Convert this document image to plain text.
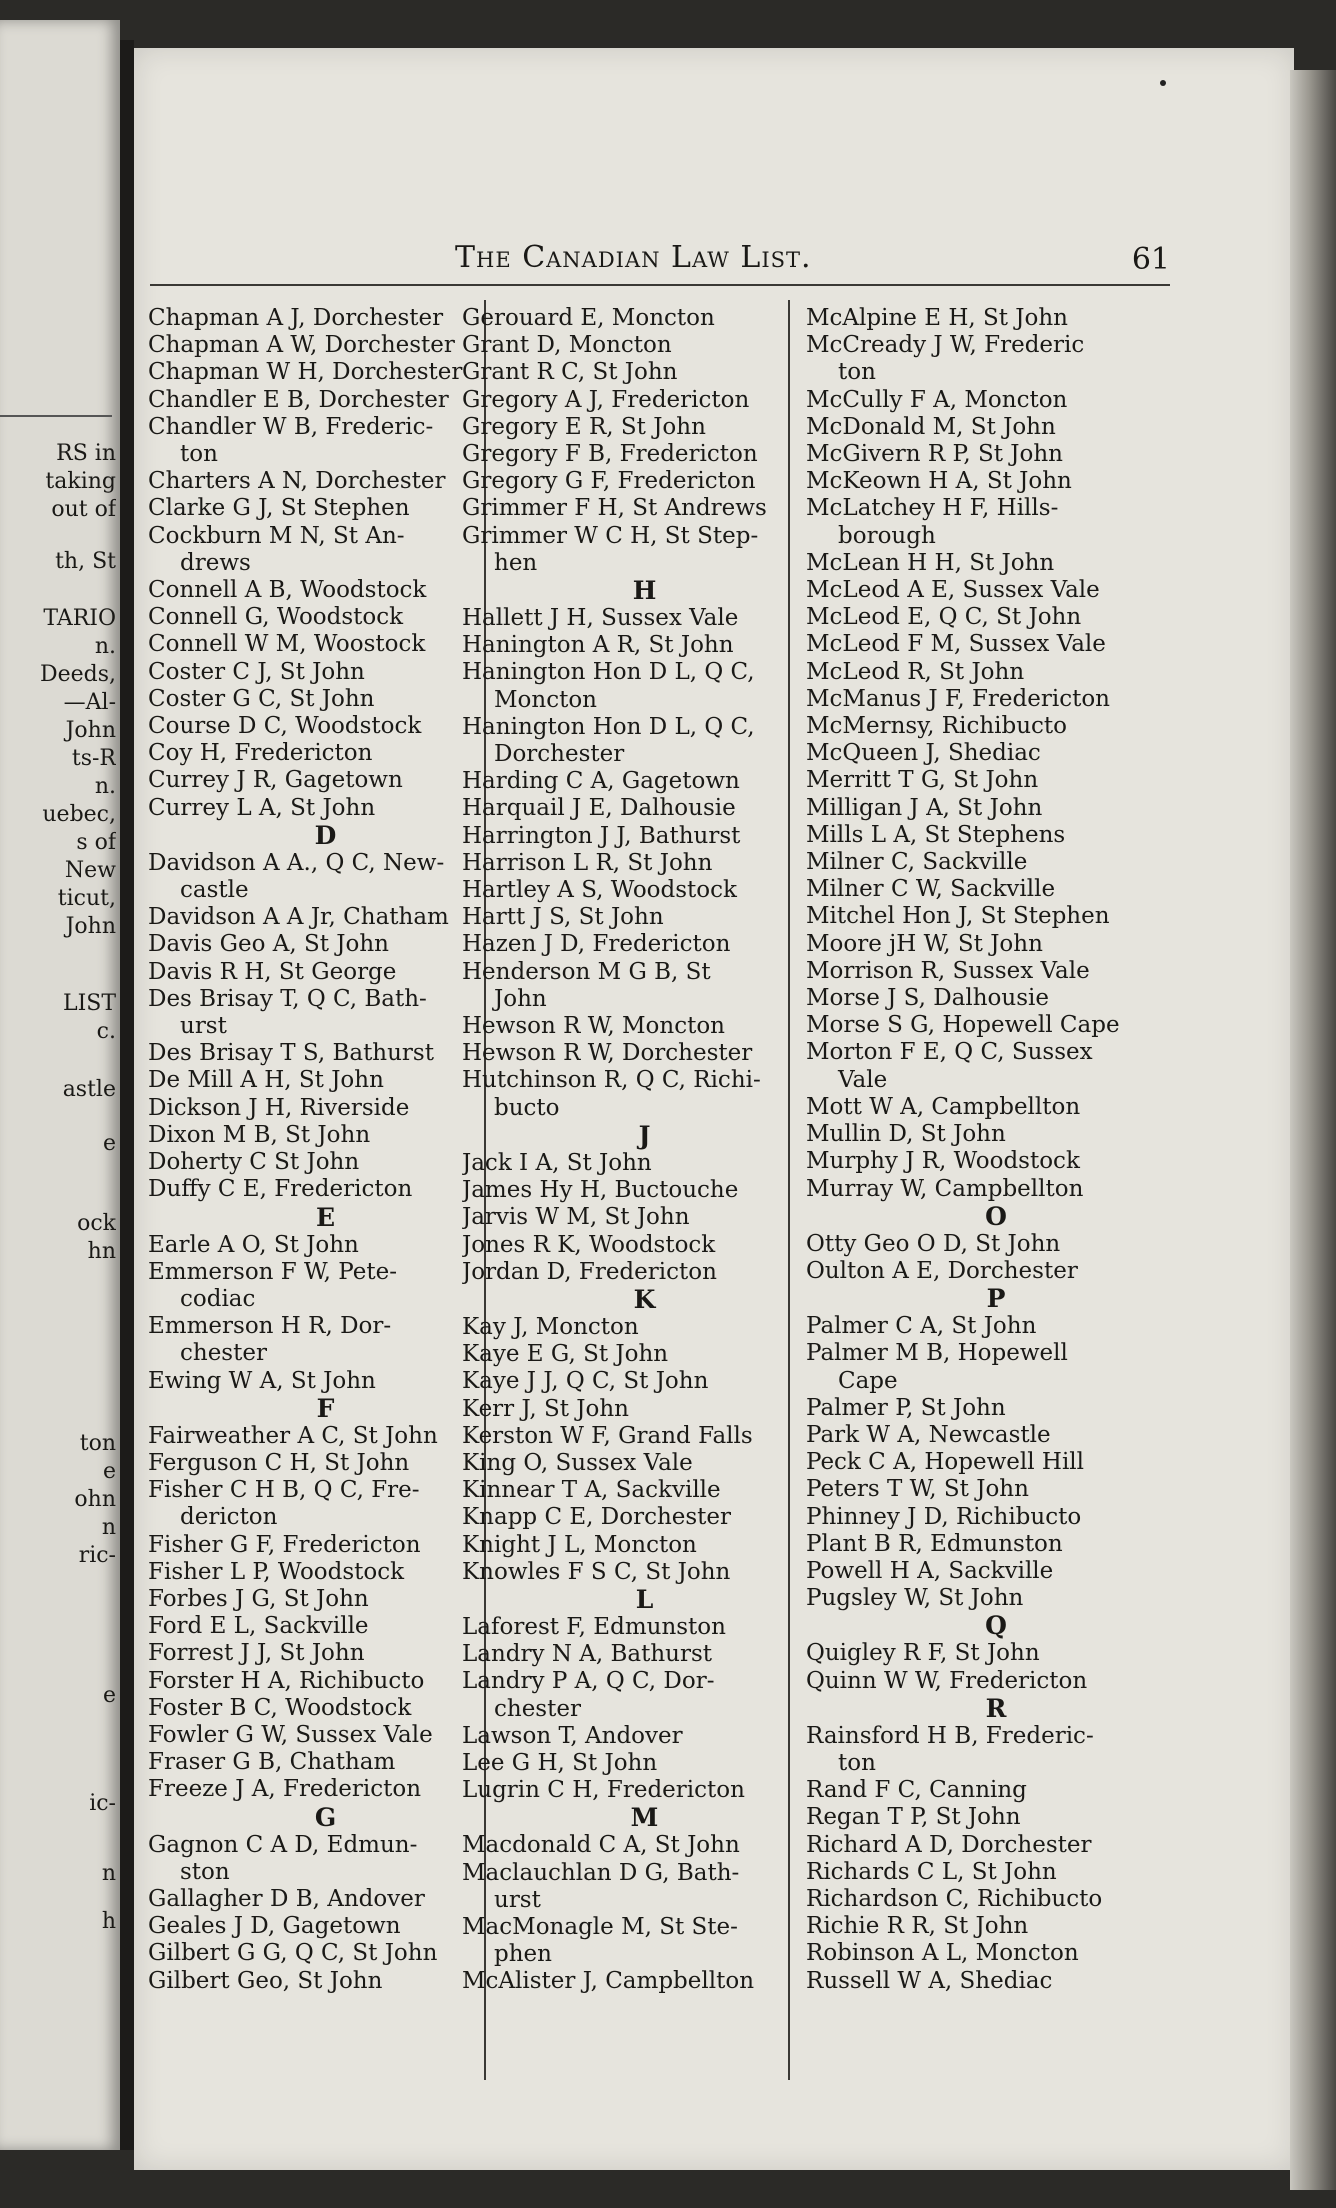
The Canadian Law List.	61

Chapman A J, Dorchester

Chapman A W, Dorchester

Chapman W H, Dorchester

Chandler E B, Dorchester

Chandler W B, Frederic-
ton

Charters A N, Dorchester

Clarke G J, St Stephen

Cockburn M N, St An-
drews

Connell A B, Woodstock

Connell G, Woodstock

Connell W M, Woostock

Coster C J, St John

Coster G C, St John

Course D C, Woodstock

Coy H, Fredericton

Currey J R, Gagetown

Currey L A, St John

D

Davidson A A., Q C, New-
castle

Davidson A A Jr, Chatham

Davis Geo A, St John

Davis R H, St George

Des Brisay T, Q C, Bath-
urst

Des Brisay T S, Bathurst

De Mill A H, St John

Dickson J H, Riverside

Dixon M B, St John

Doherty C St John

Duffy C E, Fredericton

E

Earle A O, St John

Emmerson F W, Pete-
codiac

Emmerson H R, Dor-
chester

Ewing W A, St John

F

Fairweather A C, St John

Ferguson C H, St John

Fisher C H B, Q C, Fre-
dericton

Fisher G F, Fredericton

Fisher L P, Woodstock

Forbes J G, St John

Ford E L, Sackville

Forrest J J, St John

Forster H A, Richibucto

Foster B C, Woodstock

Fowler G W, Sussex Vale

Fraser G B, Chatham

Freeze J A, Fredericton

G

Gagnon C A D, Edmun-
ston

Gallagher D B, Andover

Geales J D, Gagetown

Gilbert G G, Q C, St John

Gilbert Geo, St John

Gerouard E, Moncton

Grant D, Moncton

Grant R C, St John

Gregory A J, Fredericton

Gregory E R, St John

Gregory F B, Fredericton

Gregory G F, Fredericton

Grimmer F H, St Andrews

Grimmer W C H, St Step-
hen

H

Hallett J H, Sussex Vale

Hanington A R, St John

Hanington Hon D L, Q C,
Moncton

Hanington Hon D L, Q C,
Dorchester

Harding C A, Gagetown

Harquail J E, Dalhousie

Harrington J J, Bathurst

Harrison L R, St John

Hartley A S, Woodstock

Hartt J S, St John

Hazen J D, Fredericton

Henderson M G B, St
John

Hewson R W, Moncton

Hewson R W, Dorchester

Hutchinson R, Q C, Richi-
bucto

J

Jack I A, St John

James Hy H, Buctouche

Jarvis W M, St John

Jones R K, Woodstock

Jordan D, Fredericton

K

Kay J, Moncton

Kaye E G, St John

Kaye J J, Q C, St John

Kerr J, St John

Kerston W F, Grand Falls

King O, Sussex Vale

Kinnear T A, Sackville

Knapp C E, Dorchester

Knight J L, Moncton

Knowles F S C, St John

L

Laforest F, Edmunston

Landry N A, Bathurst

Landry P A, Q C, Dor-
chester

Lawson T, Andover

Lee G H, St John

Lugrin C H, Fredericton

M

Macdonald C A, St John

Maclauchlan D G, Bath-
urst

MacMonagle M, St Ste-
phen

McAlister J, Campbellton

McAlpine E H, St John

McCready J W, Frederic
ton

McCully F A, Moncton

McDonald M, St John

McGivern R P, St John

McKeown H A, St John

McLatchey H F, Hills-
borough

McLean H H, St John

McLeod A E, Sussex Vale

McLeod E, Q C, St John

McLeod F M, Sussex Vale

McLeod R, St John

McManus J F, Fredericton

McMernsy, Richibucto

McQueen J, Shediac

Merritt T G, St John

Milligan J A, St John

Mills L A, St Stephens

Milner C, Sackville

Milner C W, Sackville

Mitchel Hon J, St Stephen

Moore jH W, St John

Morrison R, Sussex Vale

Morse J S, Dalhousie

Morse S G, Hopewell Cape

Morton F E, Q C, Sussex
Vale

Mott W A, Campbellton

Mullin D, St John

Murphy J R, Woodstock

Murray W, Campbellton

O

Otty Geo O D, St John

Oulton A E, Dorchester

P

Palmer C A, St John

Palmer M B, Hopewell
Cape

Palmer P, St John

Park W A, Newcastle

Peck C A, Hopewell Hill

Peters T W, St John

Phinney J D, Richibucto

Plant B R, Edmunston

Powell H A, Sackville

Pugsley W, St John

Q

Quigley R F, St John

Quinn W W, Fredericton

R

Rainsford H B, Frederic-
ton

Rand F C, Canning

Regan T P, St John

Richard A D, Dorchester

Richards C L, St John

Richardson C, Richibucto

Richie R R, St John

Robinson A L, Moncton

Russell W A, Shediac

RS in
taking
out of
th, St
TARIO
n.
Deeds,
—Al-
John
ts-R
n.
uebec,
s of
New
ticut,
John
LIST
c.
astle
e
ock
hn
ton
e
ohn
n
ric-
e
ic-
n
h
